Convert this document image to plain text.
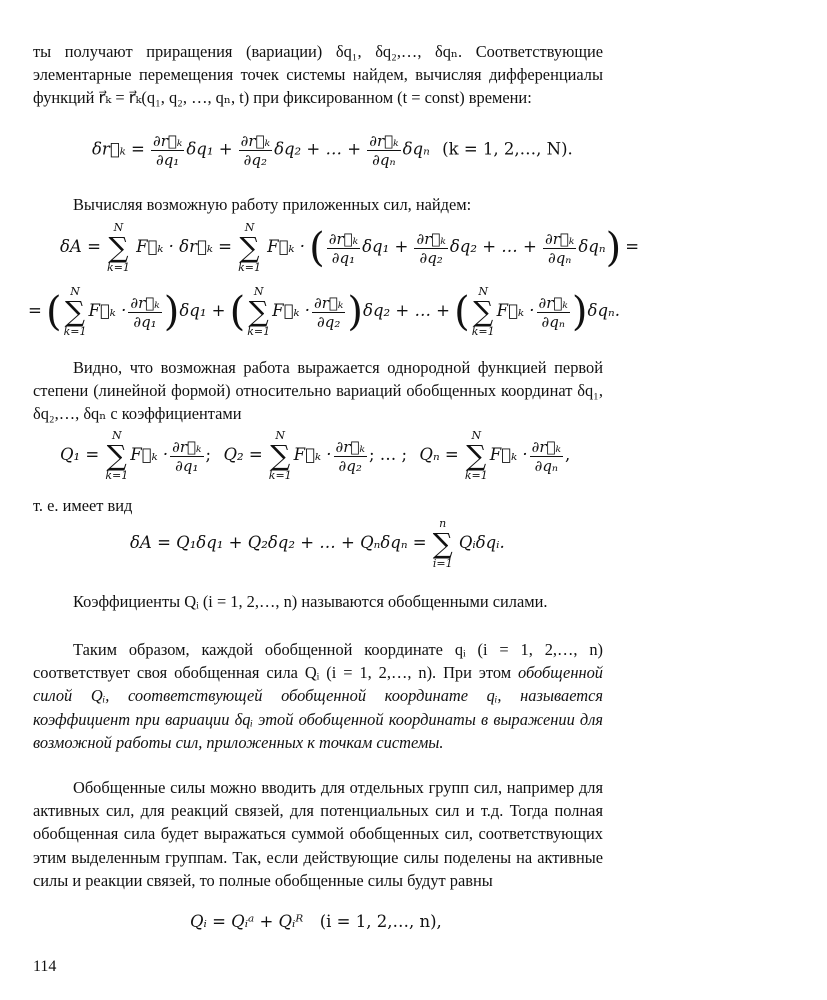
ты получают приращения (вариации) δq₁, δq₂,…, δqₙ. Соответствующие элементарные перемещения точек системы найдем, вычисляя дифференциалы функций r⃗ₖ = r⃗ₖ(q₁, q₂, …, qₙ, t) при фиксированном (t = const) времени:
δr⃗ₖ = $\frac{\text{∂r⃗ₖ}}{\text{∂q₁}} \delta q_1 + \frac{\text{∂r⃗ₖ}}{\text{∂q₂}} \delta q_2$ + … + $\frac{\text{∂r⃗ₖ}}{\text{∂qₙ}}$ δqₙ (k = 1, 2,…, N).
Вычисляя возможную работу приложенных сил, найдем:
δA =
N
∑
k=1
F⃗ₖ · δr⃗ₖ =
N
∑
k=1
F⃗ₖ · ( $\frac{\text{∂r⃗ₖ}}{\text{∂q₁}} \delta q_1 + \frac{\text{∂r⃗ₖ}}{\text{∂q₂}} \delta q_2$ + … + $\frac{\text{∂r⃗ₖ}}{\text{∂qₙ}} \delta q_n$) =
= ( N
∑
k=1
F⃗ₖ · $\frac{\text{∂r⃗ₖ}}{\text{∂q₁}} )\delta q_1$ + ( N
∑
k=1
F⃗ₖ · $\frac{\text{∂r⃗ₖ}}{\text{∂q₂}} )\delta q_2$ + … + ( N
∑
k=1
F⃗ₖ · $\frac{\text{∂r⃗ₖ}}{\text{∂qₙ}} )\delta q_n$.
Видно, что возможная работа выражается однородной функцией первой степени (линейной формой) относительно вариаций обобщенных координат δq₁, δq₂,…, δqₙ с коэффициентами
Q₁ =
N
∑
k=1
F⃗ₖ · $\frac{\text{∂r⃗ₖ}}{\text{∂q₁}}$ ; Q₂ =
N
∑
k=1
F⃗ₖ · $\frac{\text{∂r⃗ₖ}}{\text{∂q₂}}$ ; … ; Qₙ =
N
∑
k=1
F⃗ₖ · $\frac{\text{∂r⃗ₖ}}{\text{∂qₙ}}$ ,
т. е. имеет вид
δA = Q₁δq₁ + Q₂δq₂ + … + Qₙδqₙ =
n
∑
i=1
Qᵢδqᵢ.
Коэффициенты Qᵢ (i = 1, 2,…, n) называются обобщенными силами.
Таким образом, каждой обобщенной координате qᵢ (i = 1, 2,…, n) соответствует своя обобщенная сила Qᵢ (i = 1, 2,…, n). При этом обобщенной силой Qᵢ, соответствующей обобщенной координате qᵢ, называется коэффициент при вариации δqᵢ этой обобщенной координаты в выражении для возможной работы сил, приложенных к точкам системы.
Обобщенные силы можно вводить для отдельных групп сил, например для активных сил, для реакций связей, для потенциальных сил и т.д. Тогда полная обобщенная сила будет выражаться суммой обобщенных сил, соответствующих этим выделенным группам. Так, если действующие силы поделены на активные силы и реакции связей, то полные обобщенные силы будут равны
Qᵢ = Qᵢᵃ + Qᵢᴿ (i = 1, 2,…, n),
114
